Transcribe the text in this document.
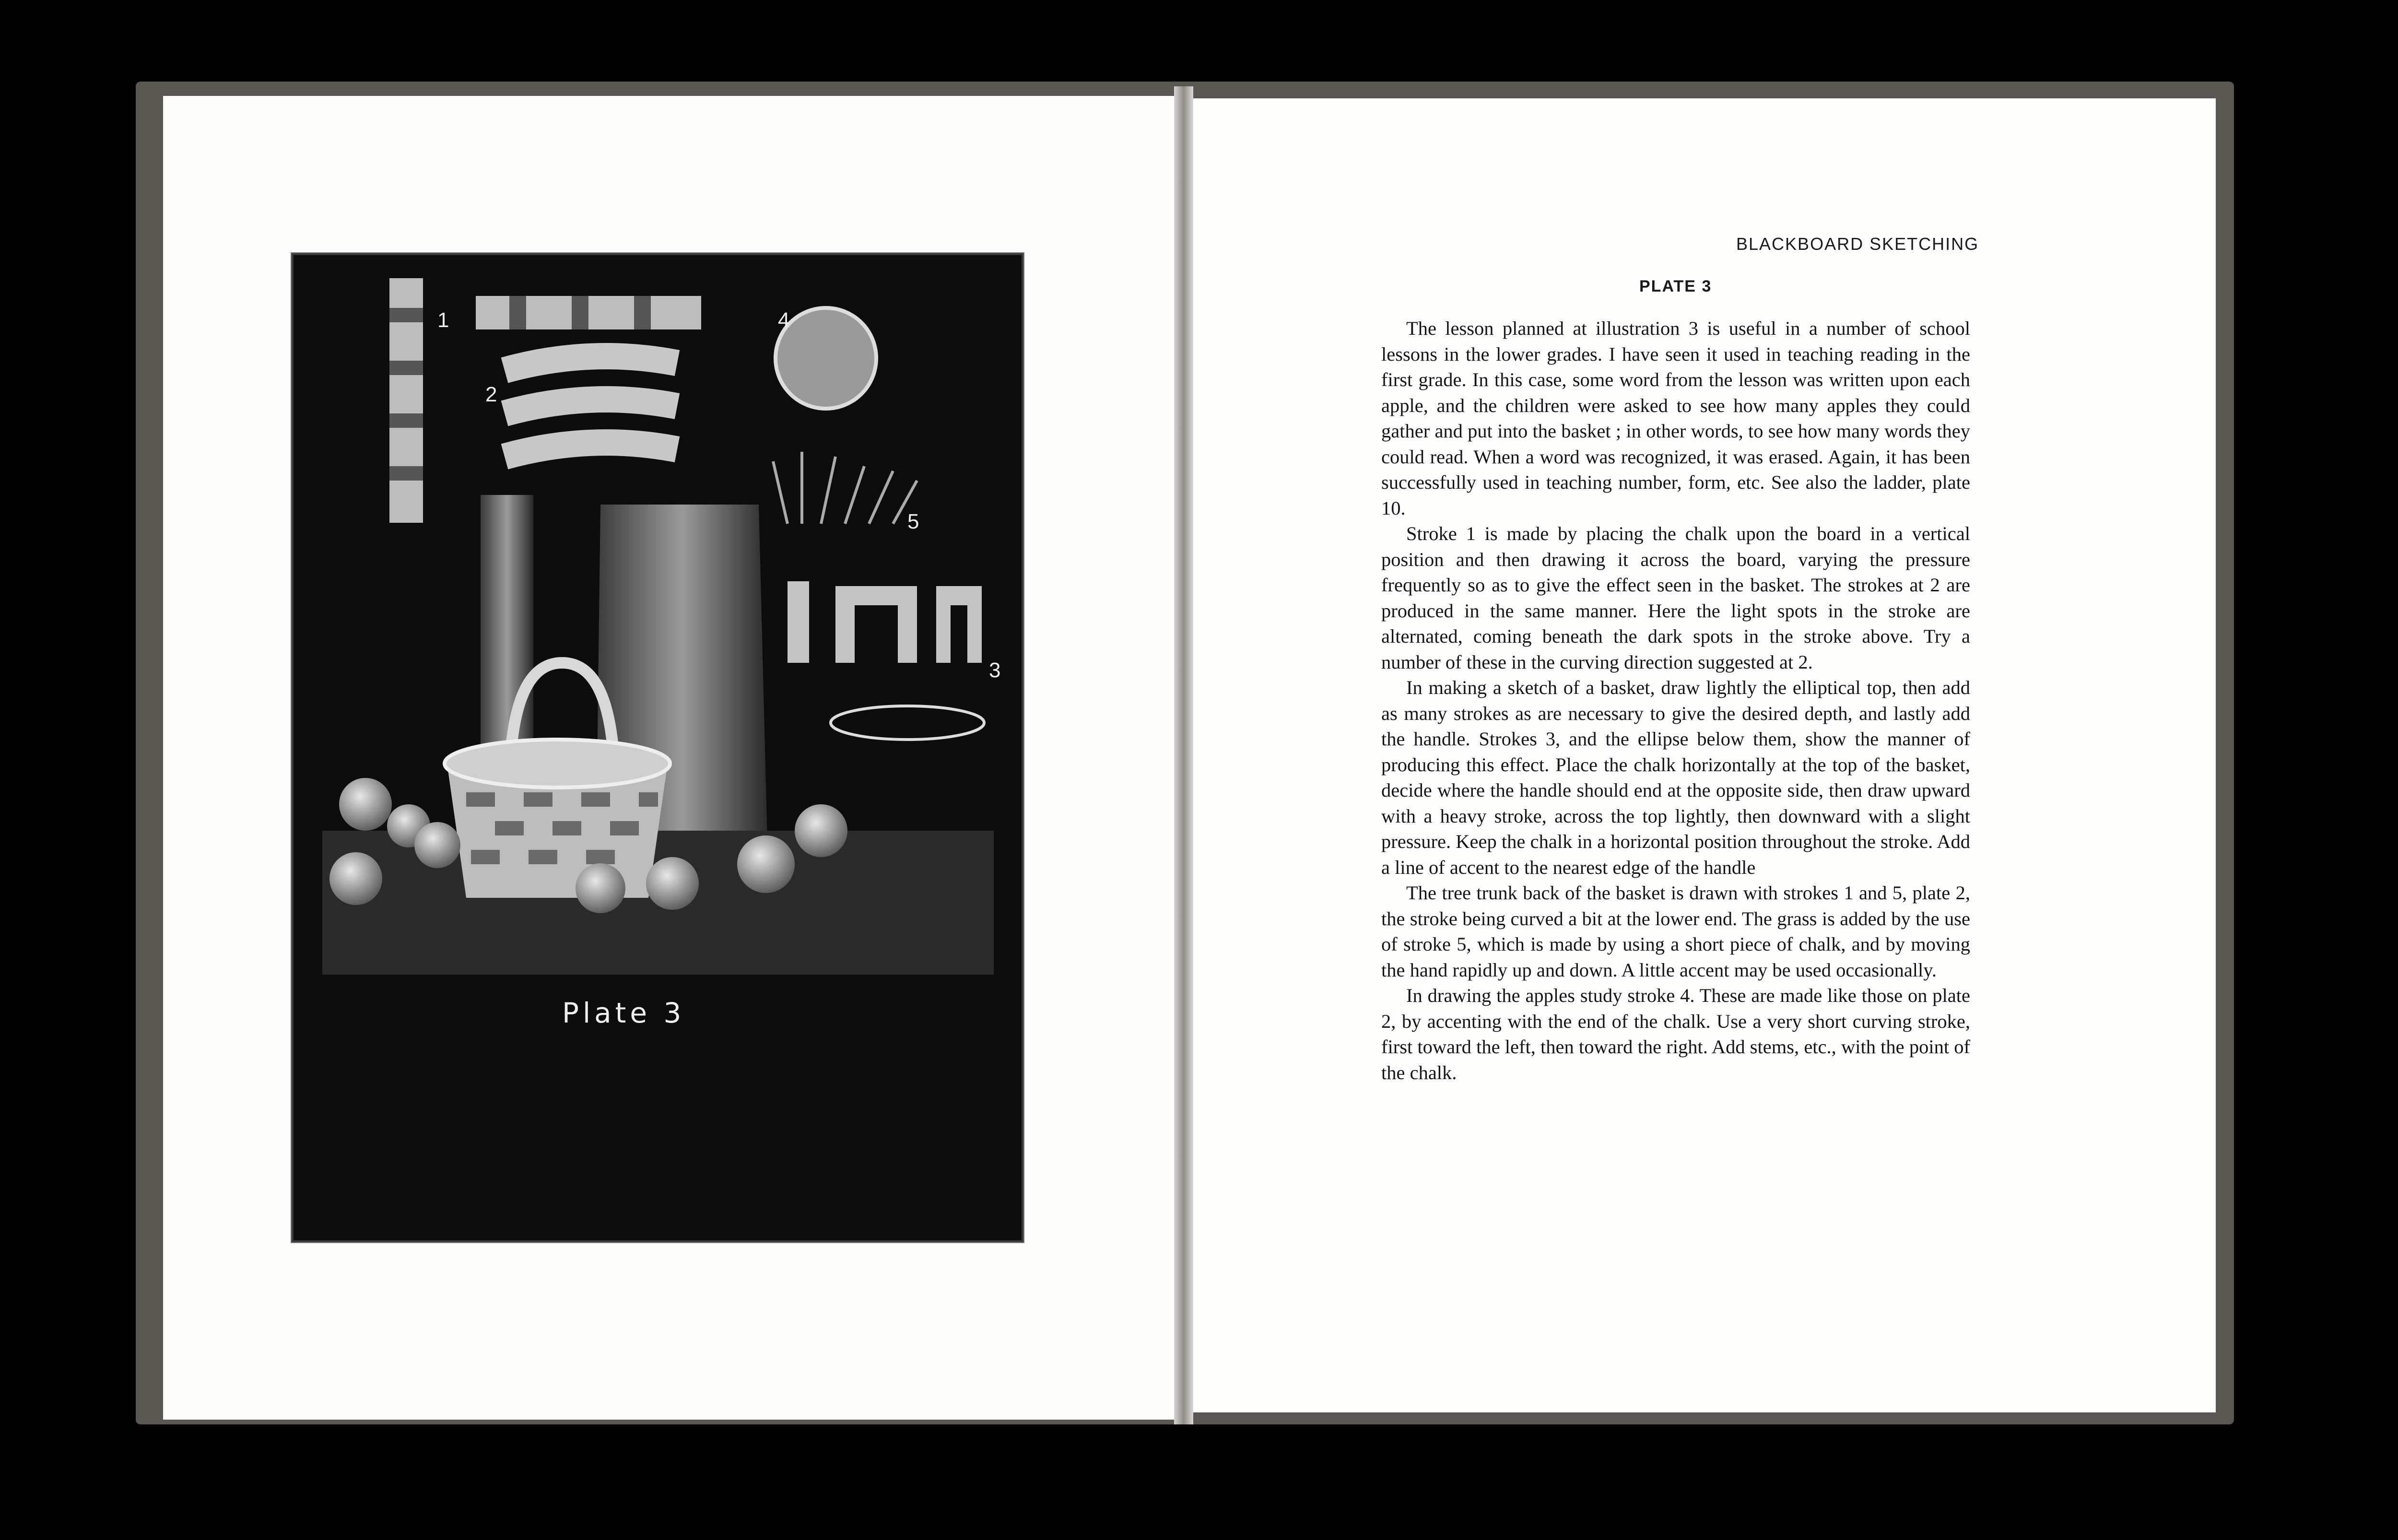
1
2
3
4
5
Plate 3
BLACKBOARD SKETCHING
PLATE 3

The lesson planned at illustration 3 is useful in a number of school lessons in the lower grades. I have seen it used in teaching reading in the first grade. In this case, some word from the lesson was written upon each apple, and the children were asked to see how many apples they could gather and put into the basket ; in other words, to see how many words they could read. When a word was recognized, it was erased. Again, it has been successfully used in teaching number, form, etc. See also the ladder, plate 10.

Stroke 1 is made by placing the chalk upon the board in a vertical position and then drawing it across the board, varying the pressure frequently so as to give the effect seen in the basket. The strokes at 2 are produced in the same manner. Here the light spots in the stroke are alternated, coming beneath the dark spots in the stroke above. Try a number of these in the curving direction suggested at 2.

In making a sketch of a basket, draw lightly the elliptical top, then add as many strokes as are necessary to give the desired depth, and lastly add the handle. Strokes 3, and the ellipse below them, show the manner of producing this effect. Place the chalk horizontally at the top of the basket, decide where the handle should end at the opposite side, then draw upward with a heavy stroke, across the top lightly, then downward with a slight pressure. Keep the chalk in a horizontal position throughout the stroke. Add a line of accent to the nearest edge of the handle

The tree trunk back of the basket is drawn with strokes 1 and 5, plate 2, the stroke being curved a bit at the lower end. The grass is added by the use of stroke 5, which is made by using a short piece of chalk, and by moving the hand rapidly up and down. A little accent may be used occasionally.

In drawing the apples study stroke 4. These are made like those on plate 2, by accenting with the end of the chalk. Use a very short curving stroke, first toward the left, then toward the right. Add stems, etc., with the point of the chalk.
